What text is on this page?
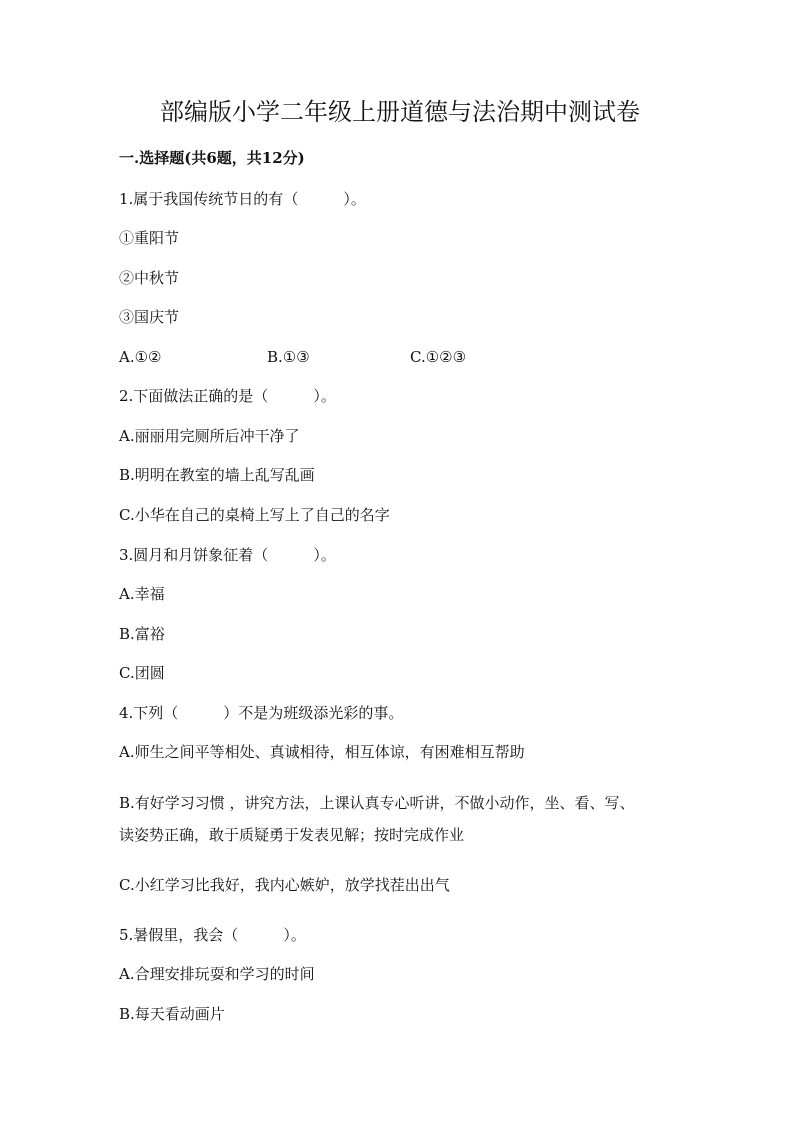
部编版小学二年级上册道德与法治期中测试卷
一.选择题(共6题，共12分)
1.属于我国传统节日的有（　　　）。
①重阳节
②中秋节
③国庆节
A.①②	B.①③	C.①②③
2.下面做法正确的是（　　　）。
A.丽丽用完厕所后冲干净了
B.明明在教室的墙上乱写乱画
C.小华在自己的桌椅上写上了自己的名字
3.圆月和月饼象征着（　　　）。
A.幸福
B.富裕
C.团圆
4.下列（　　　）不是为班级添光彩的事。
A.师生之间平等相处、真诚相待，相互体谅，有困难相互帮助
B.有好学习习惯 ，讲究方法，上课认真专心听讲，不做小动作，坐、看、写、
读姿势正确，敢于质疑勇于发表见解；按时完成作业
C.小红学习比我好，我内心嫉妒，放学找茬出出气
5.暑假里，我会（　　　）。
A.合理安排玩耍和学习的时间
B.每天看动画片
